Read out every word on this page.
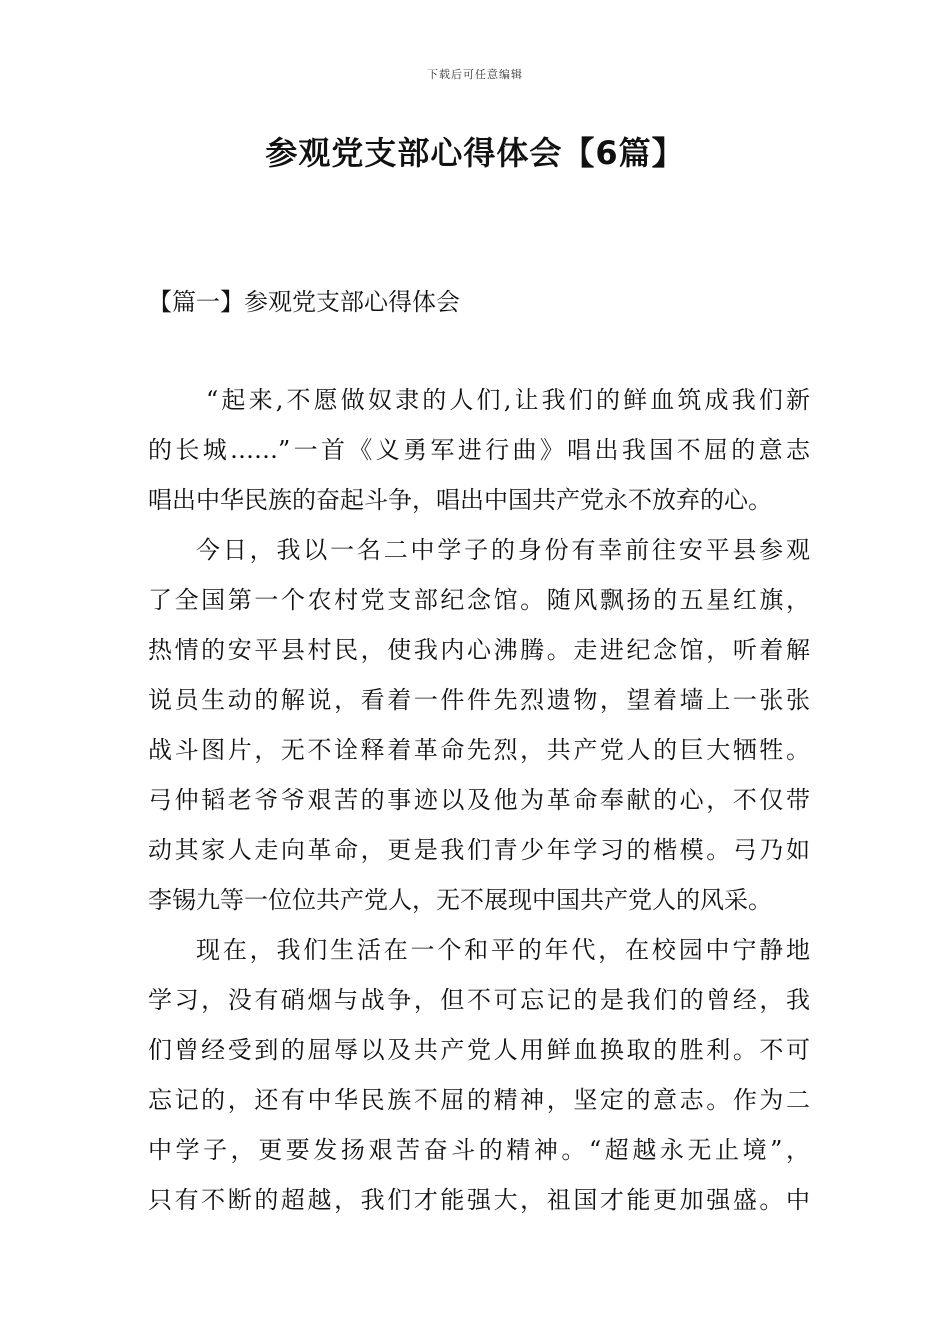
下载后可任意编辑
参观党支部心得体会【6篇】
【篇一】参观党支部心得体会
“起来,不愿做奴隶的人们,让我们的鲜血筑成我们新
的长城……”一首《义勇军进行曲》唱出我国不屈的意志
唱出中华民族的奋起斗争，唱出中国共产党永不放弃的心。
今日，我以一名二中学子的身份有幸前往安平县参观
了全国第一个农村党支部纪念馆。随风飘扬的五星红旗，
热情的安平县村民，使我内心沸腾。走进纪念馆，听着解
说员生动的解说，看着一件件先烈遗物，望着墙上一张张
战斗图片，无不诠释着革命先烈，共产党人的巨大牺牲。
弓仲韬老爷爷艰苦的事迹以及他为革命奉献的心，不仅带
动其家人走向革命，更是我们青少年学习的楷模。弓乃如
李锡九等一位位共产党人，无不展现中国共产党人的风采。
现在，我们生活在一个和平的年代，在校园中宁静地
学习，没有硝烟与战争，但不可忘记的是我们的曾经，我
们曾经受到的屈辱以及共产党人用鲜血换取的胜利。不可
忘记的，还有中华民族不屈的精神，坚定的意志。作为二
中学子，更要发扬艰苦奋斗的精神。“超越永无止境”，
只有不断的超越，我们才能强大，祖国才能更加强盛。中
